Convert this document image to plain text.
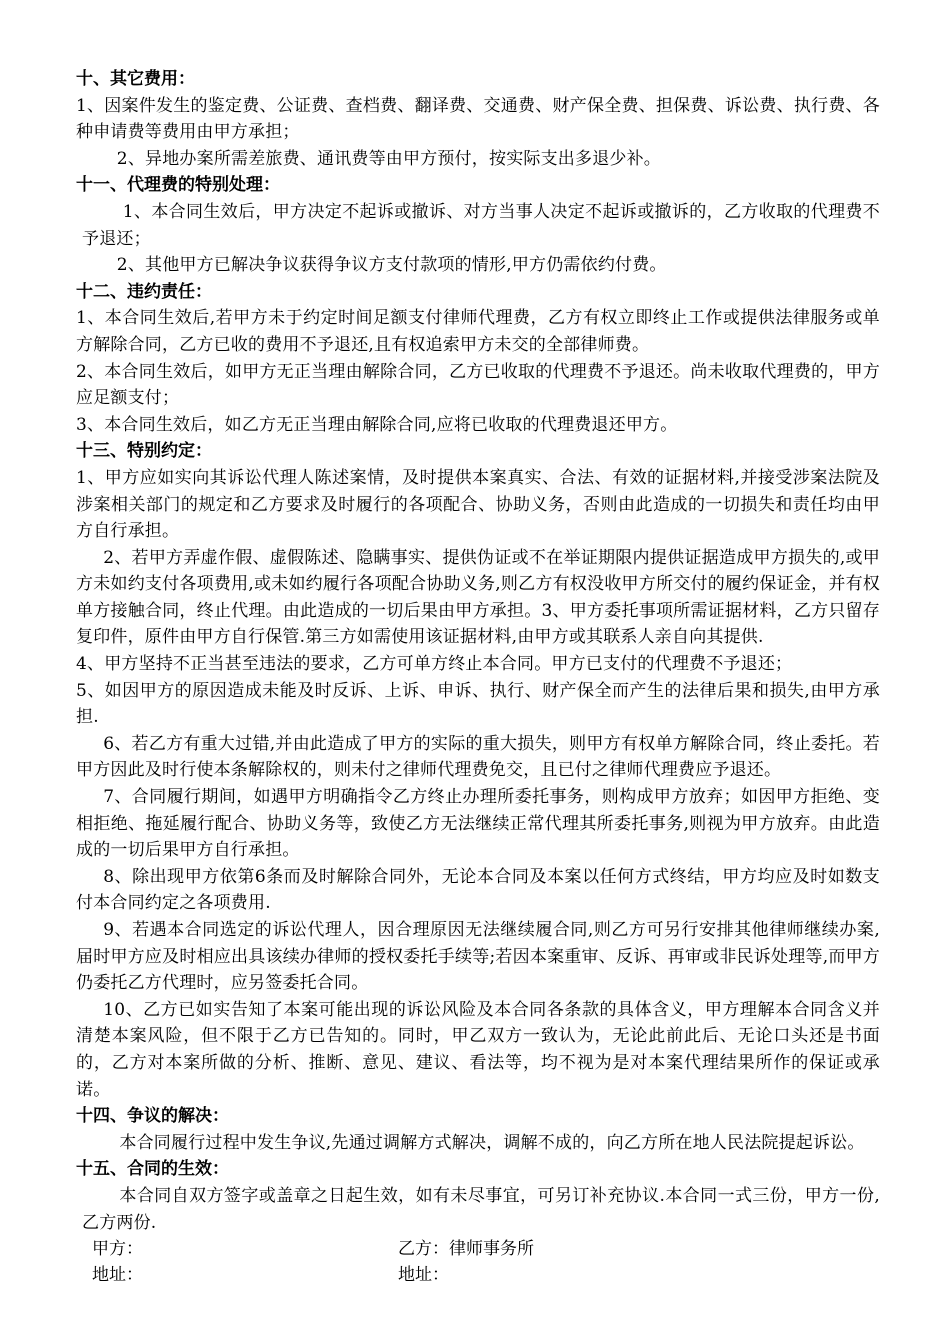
十、其它费用：

1、因案件发生的鉴定费、公证费、查档费、翻译费、交通费、财产保全费、担保费、诉讼费、执行费、各种申请费等费用由甲方承担；

2、异地办案所需差旅费、通讯费等由甲方预付，按实际支出多退少补。

十一、代理费的特别处理：

1、本合同生效后，甲方决定不起诉或撤诉、对方当事人决定不起诉或撤诉的，乙方收取的代理费不予退还；

2、其他甲方已解决争议获得争议方支付款项的情形,甲方仍需依约付费。

十二、违约责任：

1、本合同生效后,若甲方未于约定时间足额支付律师代理费，乙方有权立即终止工作或提供法律服务或单方解除合同，乙方已收的费用不予退还,且有权追索甲方未交的全部律师费。

2、本合同生效后，如甲方无正当理由解除合同，乙方已收取的代理费不予退还。尚未收取代理费的，甲方应足额支付；

3、本合同生效后，如乙方无正当理由解除合同,应将已收取的代理费退还甲方。

十三、特别约定：

1、甲方应如实向其诉讼代理人陈述案情，及时提供本案真实、合法、有效的证据材料,并接受涉案法院及涉案相关部门的规定和乙方要求及时履行的各项配合、协助义务，否则由此造成的一切损失和责任均由甲方自行承担。

2、若甲方弄虚作假、虚假陈述、隐瞒事实、提供伪证或不在举证期限内提供证据造成甲方损失的,或甲方未如约支付各项费用,或未如约履行各项配合协助义务,则乙方有权没收甲方所交付的履约保证金，并有权单方接触合同，终止代理。由此造成的一切后果由甲方承担。3、甲方委托事项所需证据材料，乙方只留存复印件，原件由甲方自行保管.第三方如需使用该证据材料,由甲方或其联系人亲自向其提供.

4、甲方坚持不正当甚至违法的要求，乙方可单方终止本合同。甲方已支付的代理费不予退还；

5、如因甲方的原因造成未能及时反诉、上诉、申诉、执行、财产保全而产生的法律后果和损失,由甲方承担.

6、若乙方有重大过错,并由此造成了甲方的实际的重大损失，则甲方有权单方解除合同，终止委托。若甲方因此及时行使本条解除权的，则未付之律师代理费免交，且已付之律师代理费应予退还。

7、合同履行期间，如遇甲方明确指令乙方终止办理所委托事务，则构成甲方放弃；如因甲方拒绝、变相拒绝、拖延履行配合、协助义务等，致使乙方无法继续正常代理其所委托事务,则视为甲方放弃。由此造成的一切后果甲方自行承担。

8、除出现甲方依第6条而及时解除合同外，无论本合同及本案以任何方式终结，甲方均应及时如数支付本合同约定之各项费用.

9、若遇本合同选定的诉讼代理人，因合理原因无法继续履合同,则乙方可另行安排其他律师继续办案,届时甲方应及时相应出具该续办律师的授权委托手续等;若因本案重审、反诉、再审或非民诉处理等,而甲方仍委托乙方代理时，应另签委托合同。

10、乙方已如实告知了本案可能出现的诉讼风险及本合同各条款的具体含义，甲方理解本合同含义并清楚本案风险，但不限于乙方已告知的。同时，甲乙双方一致认为，无论此前此后、无论口头还是书面的，乙方对本案所做的分析、推断、意见、建议、看法等，均不视为是对本案代理结果所作的保证或承诺。

十四、争议的解决：

本合同履行过程中发生争议,先通过调解方式解决，调解不成的，向乙方所在地人民法院提起诉讼。

十五、合同的生效：

本合同自双方签字或盖章之日起生效，如有未尽事宜，可另订补充协议.本合同一式三份，甲方一份,乙方两份.

甲方：	乙方：律师事务所
地址：	地址：
